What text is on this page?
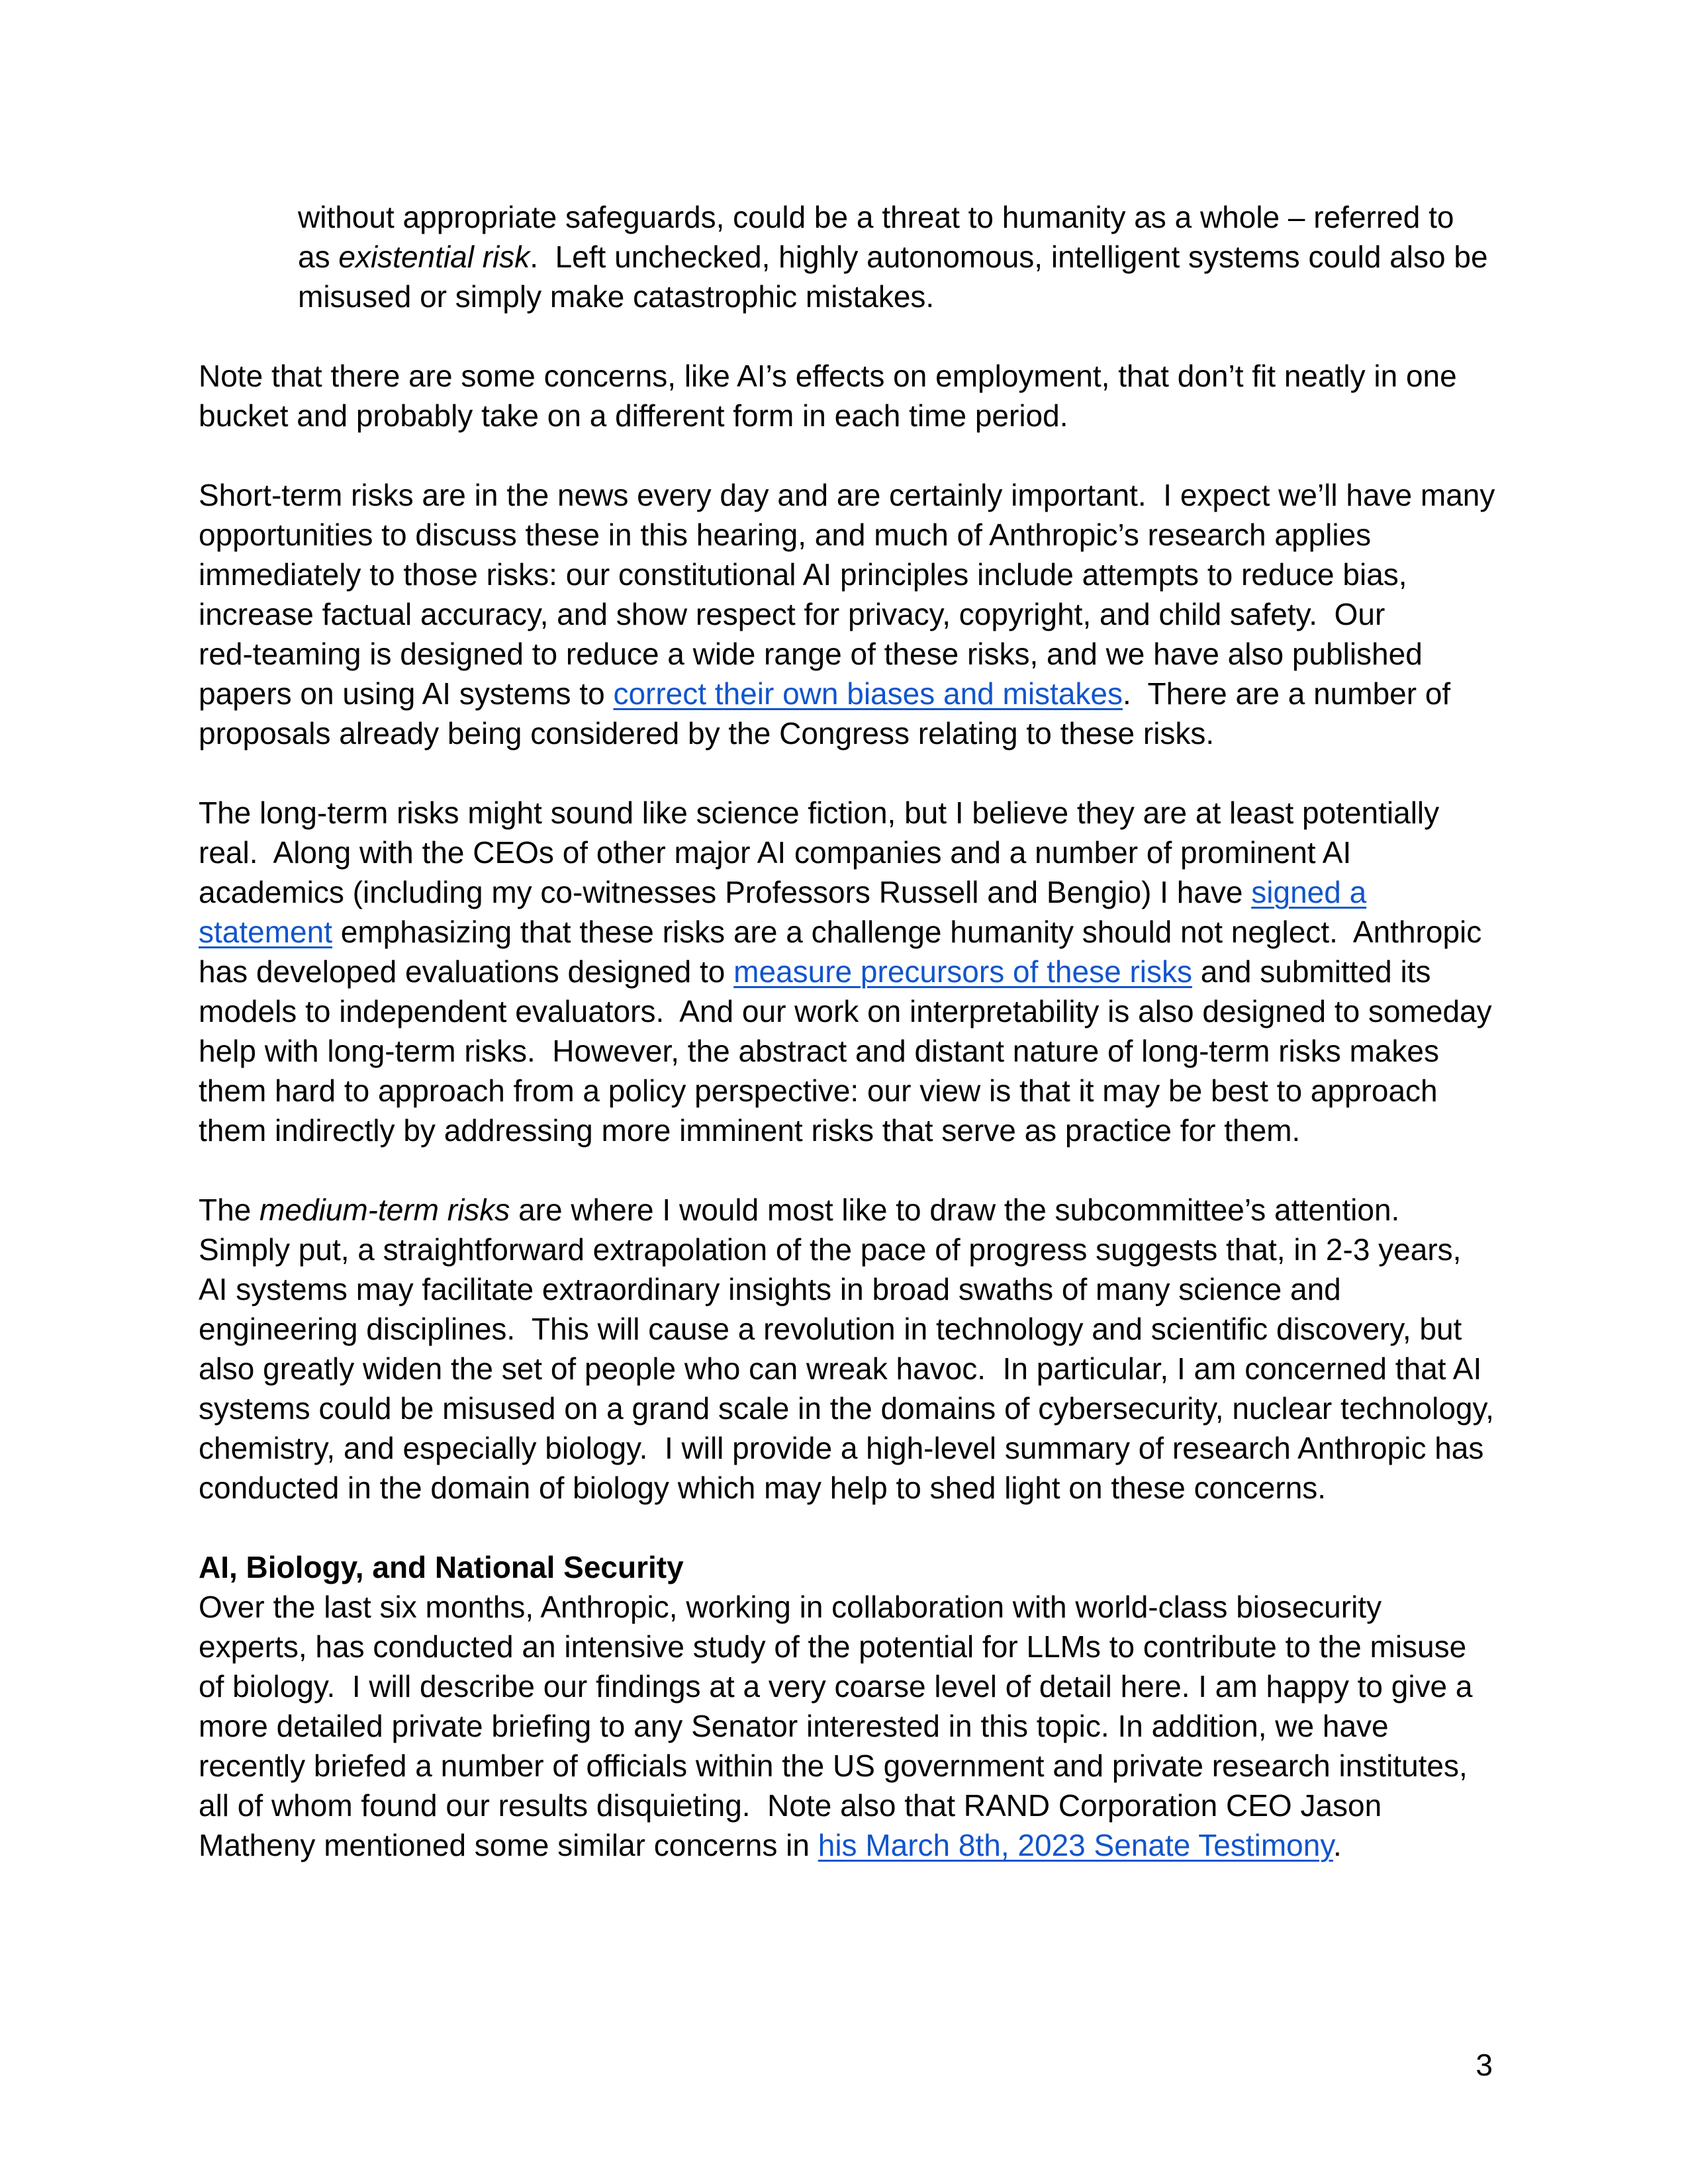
without appropriate safeguards, could be a threat to humanity as a whole – referred to
as existential risk.  Left unchecked, highly autonomous, intelligent systems could also be
misused or simply make catastrophic mistakes.
Note that there are some concerns, like AI’s effects on employment, that don’t fit neatly in one
bucket and probably take on a different form in each time period.
Short-term risks are in the news every day and are certainly important.  I expect we’ll have many
opportunities to discuss these in this hearing, and much of Anthropic’s research applies
immediately to those risks: our constitutional AI principles include attempts to reduce bias,
increase factual accuracy, and show respect for privacy, copyright, and child safety.  Our
red-teaming is designed to reduce a wide range of these risks, and we have also published
papers on using AI systems to correct their own biases and mistakes.  There are a number of
proposals already being considered by the Congress relating to these risks.
The long-term risks might sound like science fiction, but I believe they are at least potentially
real.  Along with the CEOs of other major AI companies and a number of prominent AI
academics (including my co-witnesses Professors Russell and Bengio) I have signed a
statement emphasizing that these risks are a challenge humanity should not neglect.  Anthropic
has developed evaluations designed to measure precursors of these risks and submitted its
models to independent evaluators.  And our work on interpretability is also designed to someday
help with long-term risks.  However, the abstract and distant nature of long-term risks makes
them hard to approach from a policy perspective: our view is that it may be best to approach
them indirectly by addressing more imminent risks that serve as practice for them.
The medium-term risks are where I would most like to draw the subcommittee’s attention.
Simply put, a straightforward extrapolation of the pace of progress suggests that, in 2-3 years,
AI systems may facilitate extraordinary insights in broad swaths of many science and
engineering disciplines.  This will cause a revolution in technology and scientific discovery, but
also greatly widen the set of people who can wreak havoc.  In particular, I am concerned that AI
systems could be misused on a grand scale in the domains of cybersecurity, nuclear technology,
chemistry, and especially biology.  I will provide a high-level summary of research Anthropic has
conducted in the domain of biology which may help to shed light on these concerns.
AI, Biology, and National Security
Over the last six months, Anthropic, working in collaboration with world-class biosecurity
experts, has conducted an intensive study of the potential for LLMs to contribute to the misuse
of biology.  I will describe our findings at a very coarse level of detail here. I am happy to give a
more detailed private briefing to any Senator interested in this topic. In addition, we have
recently briefed a number of officials within the US government and private research institutes,
all of whom found our results disquieting.  Note also that RAND Corporation CEO Jason
Matheny mentioned some similar concerns in his March 8th, 2023 Senate Testimony.
3
